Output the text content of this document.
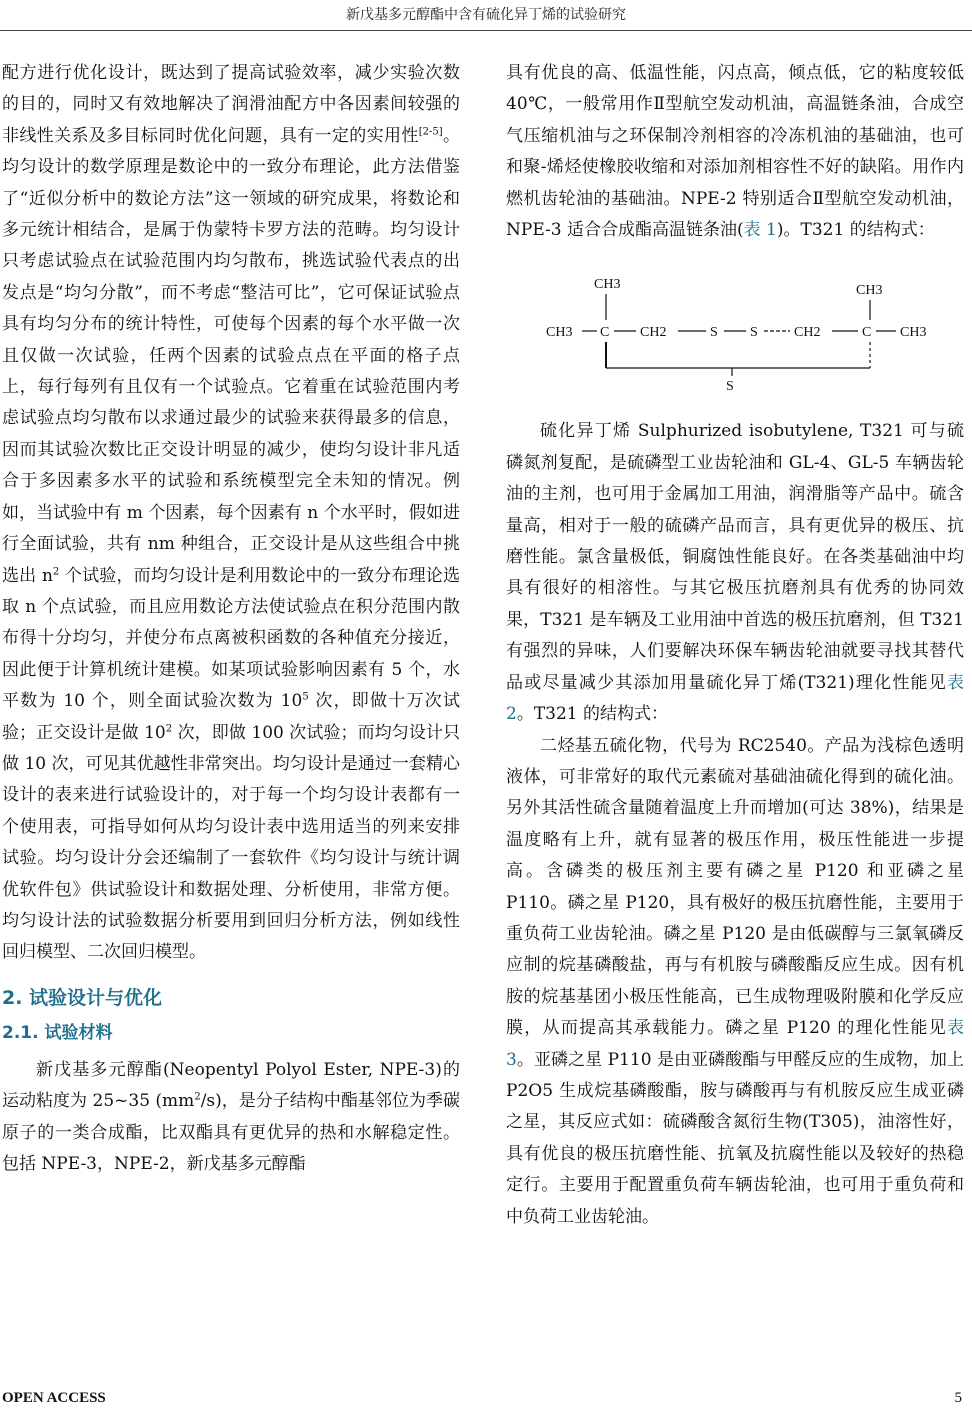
新戊基多元醇酯中含有硫化异丁烯的试验研究

配方进行优化设计，既达到了提高试验效率，减少实验次数的目的，同时又有效地解决了润滑油配方中各因素间较强的非线性关系及多目标同时优化问题，具有一定的实用性[2-5]。均匀设计的数学原理是数论中的一致分布理论，此方法借鉴了“近似分析中的数论方法”这一领域的研究成果，将数论和多元统计相结合，是属于伪蒙特卡罗方法的范畴。均匀设计只考虑试验点在试验范围内均匀散布，挑选试验代表点的出发点是“均匀分散”，而不考虑“整洁可比”，它可保证试验点具有均匀分布的统计特性，可使每个因素的每个水平做一次且仅做一次试验，任两个因素的试验点点在平面的格子点上，每行每列有且仅有一个试验点。它着重在试验范围内考虑试验点均匀散布以求通过最少的试验来获得最多的信息，因而其试验次数比正交设计明显的减少，使均匀设计非凡适合于多因素多水平的试验和系统模型完全未知的情况。例如，当试验中有 m 个因素，每个因素有 n 个水平时，假如进行全面试验，共有 nm 种组合，正交设计是从这些组合中挑选出 $n^2$ 个试验，而均匀设计是利用数论中的一致分布理论选取 n 个点试验，而且应用数论方法使试验点在积分范围内散布得十分均匀，并使分布点离被积函数的各种值充分接近，因此便于计算机统计建模。如某项试验影响因素有 5 个，水平数为 10 个，则全面试验次数为 $10^5$ 次，即做十万次试验；正交设计是做 $10^2$ 次，即做 100 次试验；而均匀设计只做 10 次，可见其优越性非常突出。均匀设计是通过一套精心设计的表来进行试验设计的，对于每一个均匀设计表都有一个使用表，可指导如何从均匀设计表中选用适当的列来安排试验。均匀设计分会还编制了一套软件《均匀设计与统计调优软件包》供试验设计和数据处理、分析使用，非常方便。均匀设计法的试验数据分析要用到回归分析方法，例如线性回归模型、二次回归模型。

2. 试验设计与优化
2.1. 试验材料

新戊基多元醇酯(Neopentyl Polyol Ester, NPE-3)的运动粘度为 25~35 $(mm^2/s)$，是分子结构中酯基邻位为季碳原子的一类合成酯，比双酯具有更优异的热和水解稳定性。包括 NPE-3，NPE-2，新戊基多元醇酯

具有优良的高、低温性能，闪点高，倾点低，它的粘度较低 40℃，一般常用作Ⅱ型航空发动机油，高温链条油，合成空气压缩机油与之环保制冷剂相容的冷冻机油的基础油，也可和聚-烯烃使橡胶收缩和对添加剂相容性不好的缺陷。用作内燃机齿轮油的基础油。NPE-2 特别适合Ⅱ型航空发动机油，NPE-3 适合合成酯高温链条油(表 1)。T321 的结构式：

CH3	CH3
CH3 C CH2	S S	CH2	C CH3
S

硫化异丁烯 Sulphurized isobutylene, T321 可与硫磷氮剂复配，是硫磷型工业齿轮油和 GL-4、GL-5 车辆齿轮油的主剂，也可用于金属加工用油，润滑脂等产品中。硫含量高，相对于一般的硫磷产品而言，具有更优异的极压、抗磨性能。氯含量极低，铜腐蚀性能良好。在各类基础油中均具有很好的相溶性。与其它极压抗磨剂具有优秀的协同效果，T321 是车辆及工业用油中首选的极压抗磨剂，但 T321 有强烈的异味，人们要解决环保车辆齿轮油就要寻找其替代品或尽量减少其添加用量硫化异丁烯(T321)理化性能见表2。T321 的结构式：

二烃基五硫化物，代号为 RC2540。产品为浅棕色透明液体，可非常好的取代元素硫对基础油硫化得到的硫化油。另外其活性硫含量随着温度上升而增加(可达 38%)，结果是温度略有上升，就有显著的极压作用，极压性能进一步提高。含磷类的极压剂主要有磷之星 P120 和亚磷之星 P110。磷之星 P120，具有极好的极压抗磨性能，主要用于重负荷工业齿轮油。磷之星 P120 是由低碳醇与三氯氧磷反应制的烷基磷酸盐，再与有机胺与磷酸酯反应生成。因有机胺的烷基基团小极压性能高，已生成物理吸附膜和化学反应膜，从而提高其承载能力。磷之星 P120 的理化性能见表 3。亚磷之星 P110 是由亚磷酸酯与甲醛反应的生成物，加上 P2O5 生成烷基磷酸酯，胺与磷酸再与有机胺反应生成亚磷之星，其反应式如：硫磷酸含氮衍生物(T305)，油溶性好，具有优良的极压抗磨性能、抗氧及抗腐性能以及较好的热稳定行。主要用于配置重负荷车辆齿轮油，也可用于重负荷和中负荷工业齿轮油。

OPEN ACCESS	5
